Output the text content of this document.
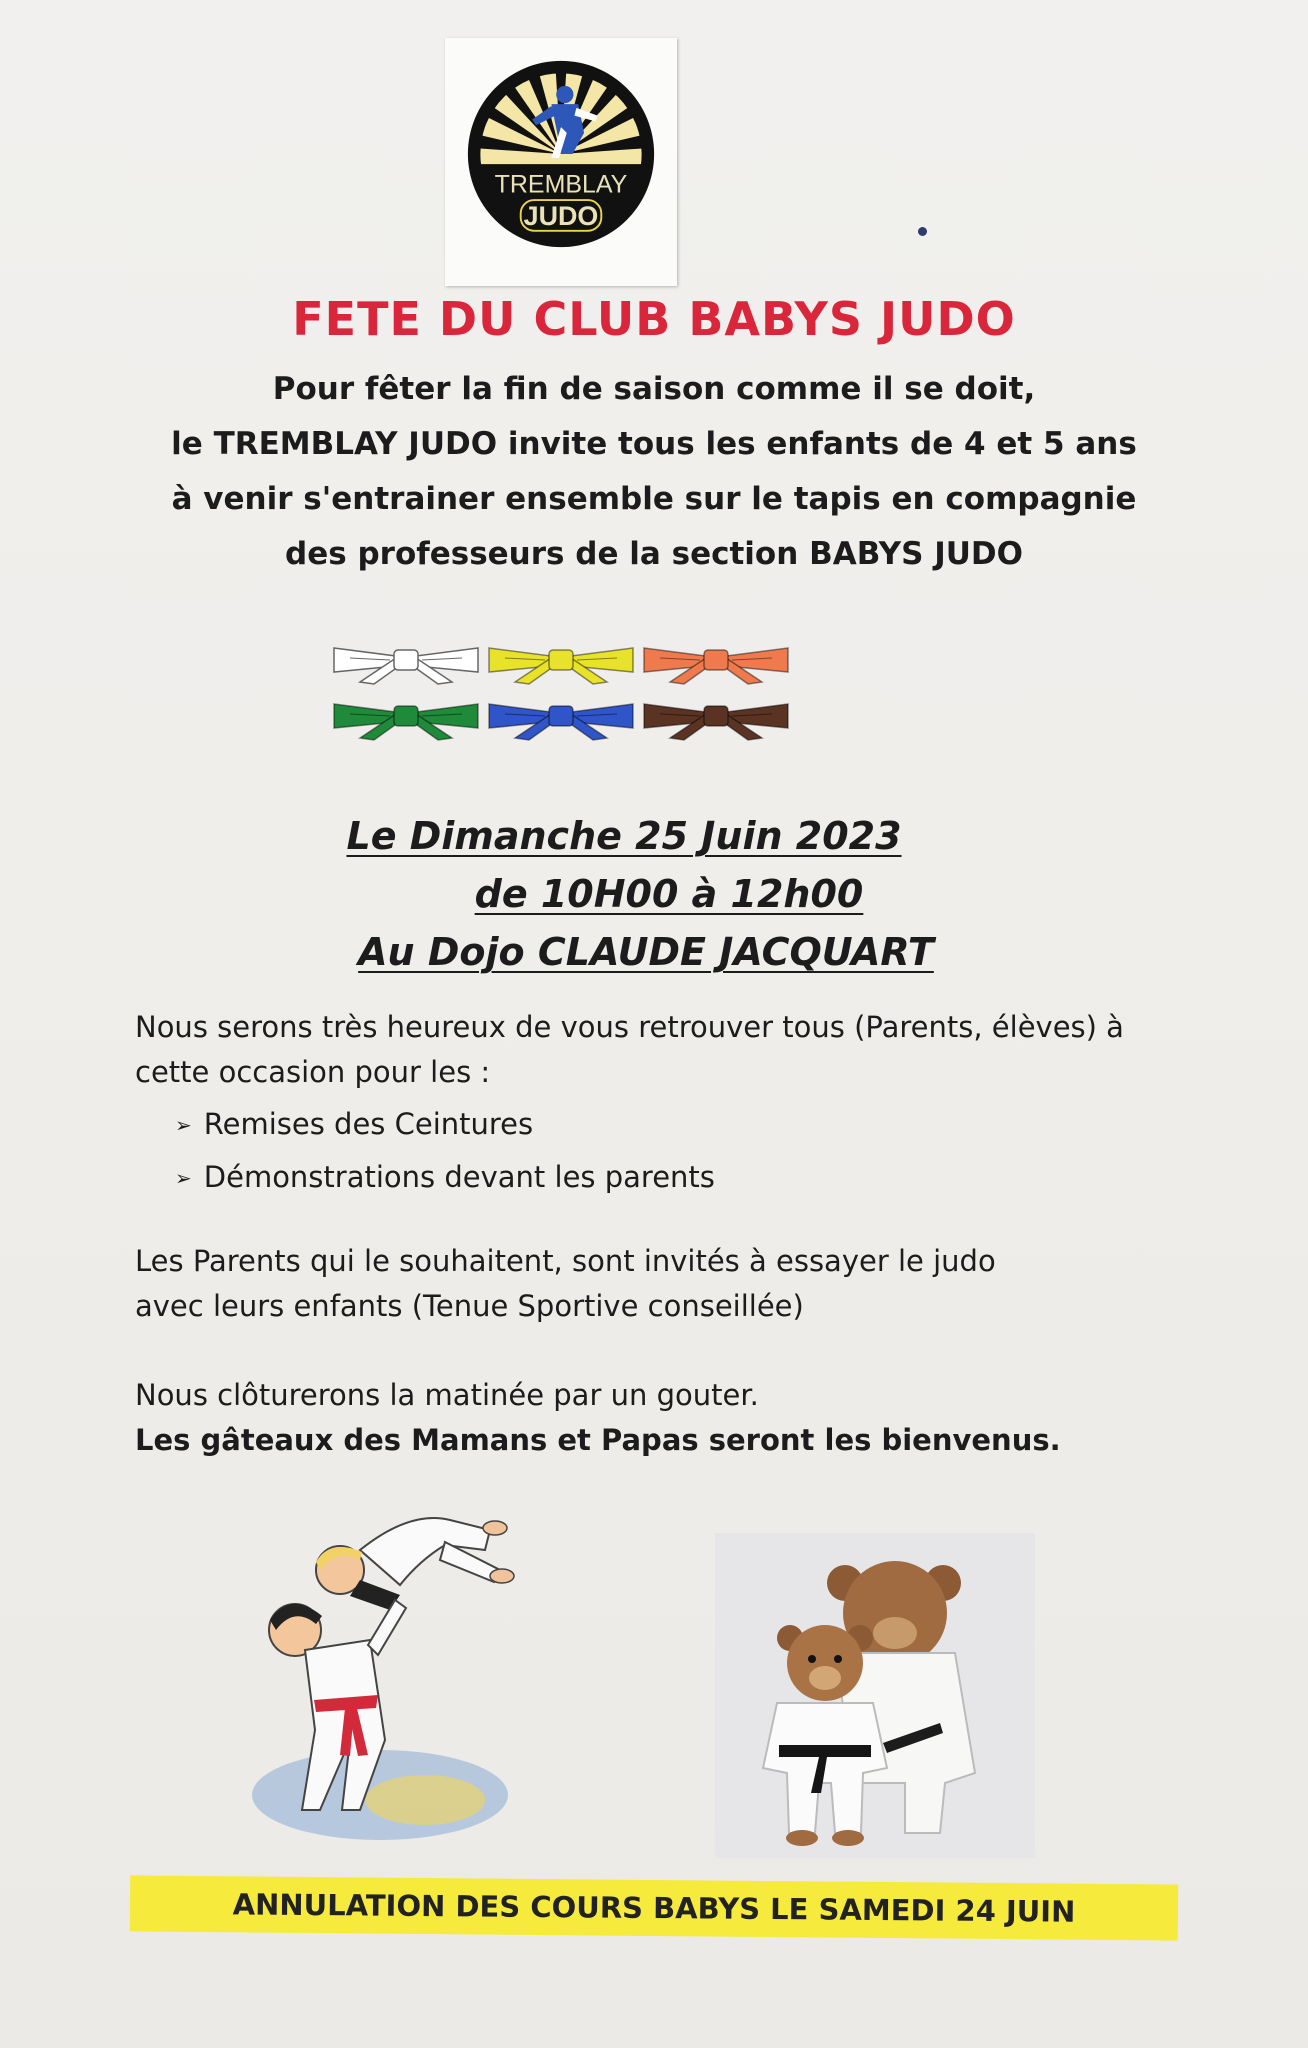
TREMBLAY
JUDO
FETE DU CLUB BABYS JUDO
Pour fêter la fin de saison comme il se doit,
le TREMBLAY JUDO invite tous les enfants de 4 et 5 ans
à venir s'entrainer ensemble sur le tapis en compagnie
des professeurs de la section BABYS JUDO
Le Dimanche 25 Juin 2023
de 10H00 à 12h00
Au Dojo CLAUDE JACQUART
Nous serons très heureux de vous retrouver tous (Parents, élèves) à
cette occasion pour les :
➢ Remises des Ceintures
➢ Démonstrations devant les parents
Les Parents qui le souhaitent, sont invités à essayer le judo
avec leurs enfants (Tenue Sportive conseillée)
Nous clôturerons la matinée par un gouter.
Les gâteaux des Mamans et Papas seront les bienvenus.
ANNULATION DES COURS BABYS LE SAMEDI 24 JUIN
